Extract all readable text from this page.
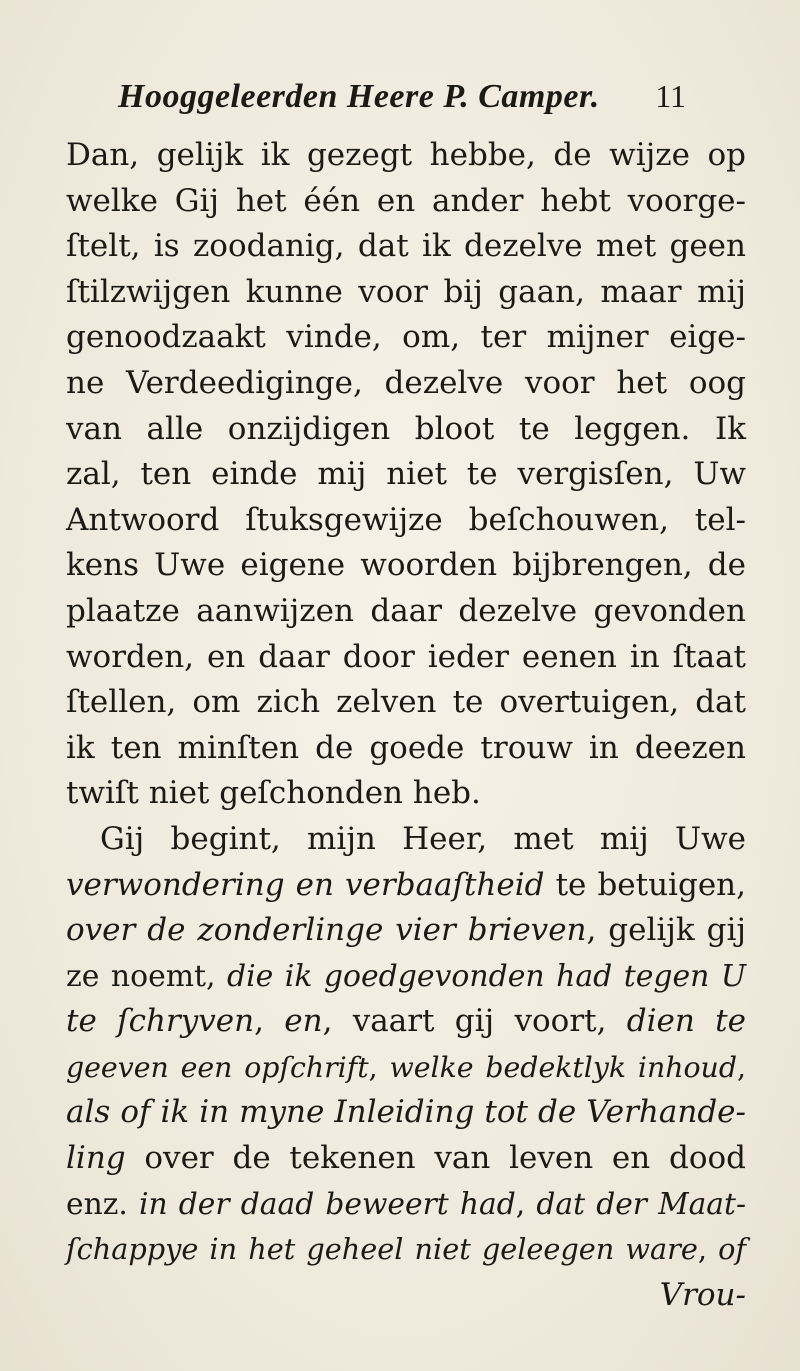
Hooggeleerden Heere P. Camper. 11
Dan, gelijk ik gezegt hebbe, de wijze op
welke Gij het één en ander hebt voorge-
ſtelt, is zoodanig, dat ik dezelve met geen
ſtilzwijgen kunne voor bij gaan, maar mij
genoodzaakt vinde, om, ter mijner eige-
ne Verdeediginge, dezelve voor het oog
van alle onzijdigen bloot te leggen. Ik
zal, ten einde mij niet te vergisſen, Uw
Antwoord ſtuksgewijze beſchouwen, tel-
kens Uwe eigene woorden bijbrengen, de
plaatze aanwijzen daar dezelve gevonden
worden, en daar door ieder eenen in ſtaat
ſtellen, om zich zelven te overtuigen, dat
ik ten minſten de goede trouw in deezen
twiſt niet geſchonden heb.
Gij begint, mijn Heer, met mij Uwe
verwondering en verbaaſtheid te betuigen,
over de zonderlinge vier brieven, gelijk gij
ze noemt, die ik goedgevonden had tegen U
te ſchryven, en, vaart gij voort, dien te
geeven een opſchrift, welke bedektlyk inhoud,
als of ik in myne Inleiding tot de Verhande-
ling over de tekenen van leven en dood
enz. in der daad beweert had, dat der Maat-
ſchappye in het geheel niet geleegen ware, of
Vrou-
